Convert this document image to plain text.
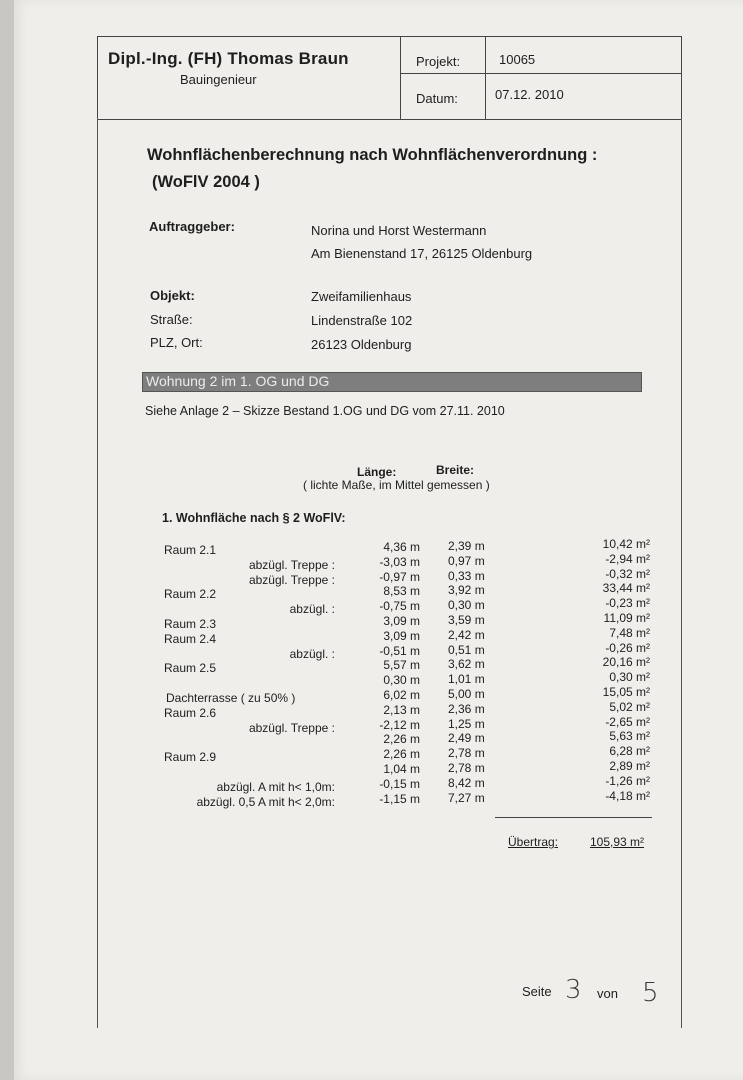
Dipl.-Ing. (FH) Thomas Braun
Bauingenieur
Projekt:	10065
Datum:	07.12. 2010
Wohnflächenberechnung nach Wohnflächenverordnung :
(WoFlV 2004 )
Auftraggeber:	Norina und Horst Westermann
Am Bienenstand 17, 26125 Oldenburg
Objekt:	Zweifamilienhaus
Straße:	Lindenstraße 102
PLZ, Ort:	26123 Oldenburg
Wohnung 2 im 1. OG und DG
Siehe Anlage 2 – Skizze Bestand 1.OG und DG vom 27.11. 2010
Länge:	Breite:
( lichte Maße, im Mittel gemessen )
1. Wohnfläche nach § 2 WoFlV:
Raum 2.1	4,36 m 2,39 m	10,42 m²
abzügl. Treppe :	-3,03 m 0,97 m	-2,94 m²
abzügl. Treppe :	-0,97 m 0,33 m	-0,32 m²
Raum 2.2	8,53 m 3,92 m	33,44 m²
abzügl. :	-0,75 m 0,30 m	-0,23 m²
Raum 2.3	3,09 m 3,59 m	11,09 m²
Raum 2.4	3,09 m 2,42 m	7,48 m²
abzügl. :	-0,51 m 0,51 m	-0,26 m²
Raum 2.5	5,57 m 3,62 m	20,16 m²
0,30 m 1,01 m	0,30 m²
Dachterrasse ( zu 50% )	6,02 m 5,00 m	15,05 m²
Raum 2.6	2,13 m 2,36 m	5,02 m²
abzügl. Treppe :	-2,12 m 1,25 m	-2,65 m²
2,26 m 2,49 m	5,63 m²
Raum 2.9	2,26 m 2,78 m	6,28 m²
1,04 m 2,78 m	2,89 m²
abzügl. A mit h< 1,0m:	-0,15 m 8,42 m	-1,26 m²
abzügl. 0,5 A mit h< 2,0m:	-1,15 m 7,27 m	-4,18 m²
Übertrag:	105,93 m²
Seite 3 von 5
